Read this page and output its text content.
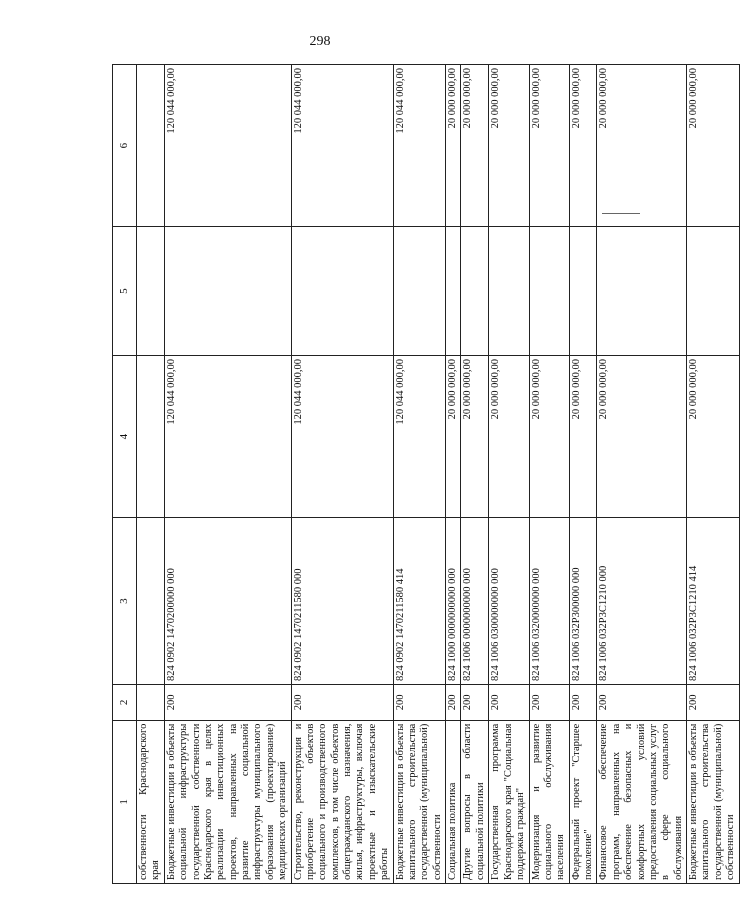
298
1	2	3	4	5	6
собственности Краснодарского края					
Бюджетные инвестиции в объекты социальной инфраструктуры государственной собственности Краснодарского края в целях реализации инвестиционных проектов, направленных на развитие социальной инфраструктуры муниципального образования (проектирование) медицинских организаций	200	824 0902 1470200000 000	120 044 000,00		120 044 000,00
Строительство, реконструкция и приобретение объектов социального и производственного комплексов, в том числе объектов общегражданского назначения, жилья, инфраструктуры, включая проектные и изыскательские работы	200	824 0902 1470211580 000	120 044 000,00		120 044 000,00
Бюджетные инвестиции в объекты капитального строительства государственной (муниципальной) собственности	200	824 0902 1470211580 414	120 044 000,00		120 044 000,00
Социальная политика	200	824 1000 0000000000 000	20 000 000,00		20 000 000,00
Другие вопросы в области социальной политики	200	824 1006 0000000000 000	20 000 000,00		20 000 000,00
Государственная программа Краснодарского края "Социальная поддержка граждан"	200	824 1006 0300000000 000	20 000 000,00		20 000 000,00
Модернизация и развитие социального обслуживания населения	200	824 1006 0320000000 000	20 000 000,00		20 000 000,00
Федеральный проект "Старшее поколение"	200	824 1006 032P300000 000	20 000 000,00		20 000 000,00
Финансовое обеспечение программ, направленных на обеспечение безопасных и комфортных условий предоставления социальных услуг в сфере социального обслуживания	200	824 1006 032P3C1210 000	20 000 000,00		20 000 000,00
Бюджетные инвестиции в объекты капитального строительства государственной (муниципальной) собственности	200	824 1006 032P3C1210 414	20 000 000,00		20 000 000,00
